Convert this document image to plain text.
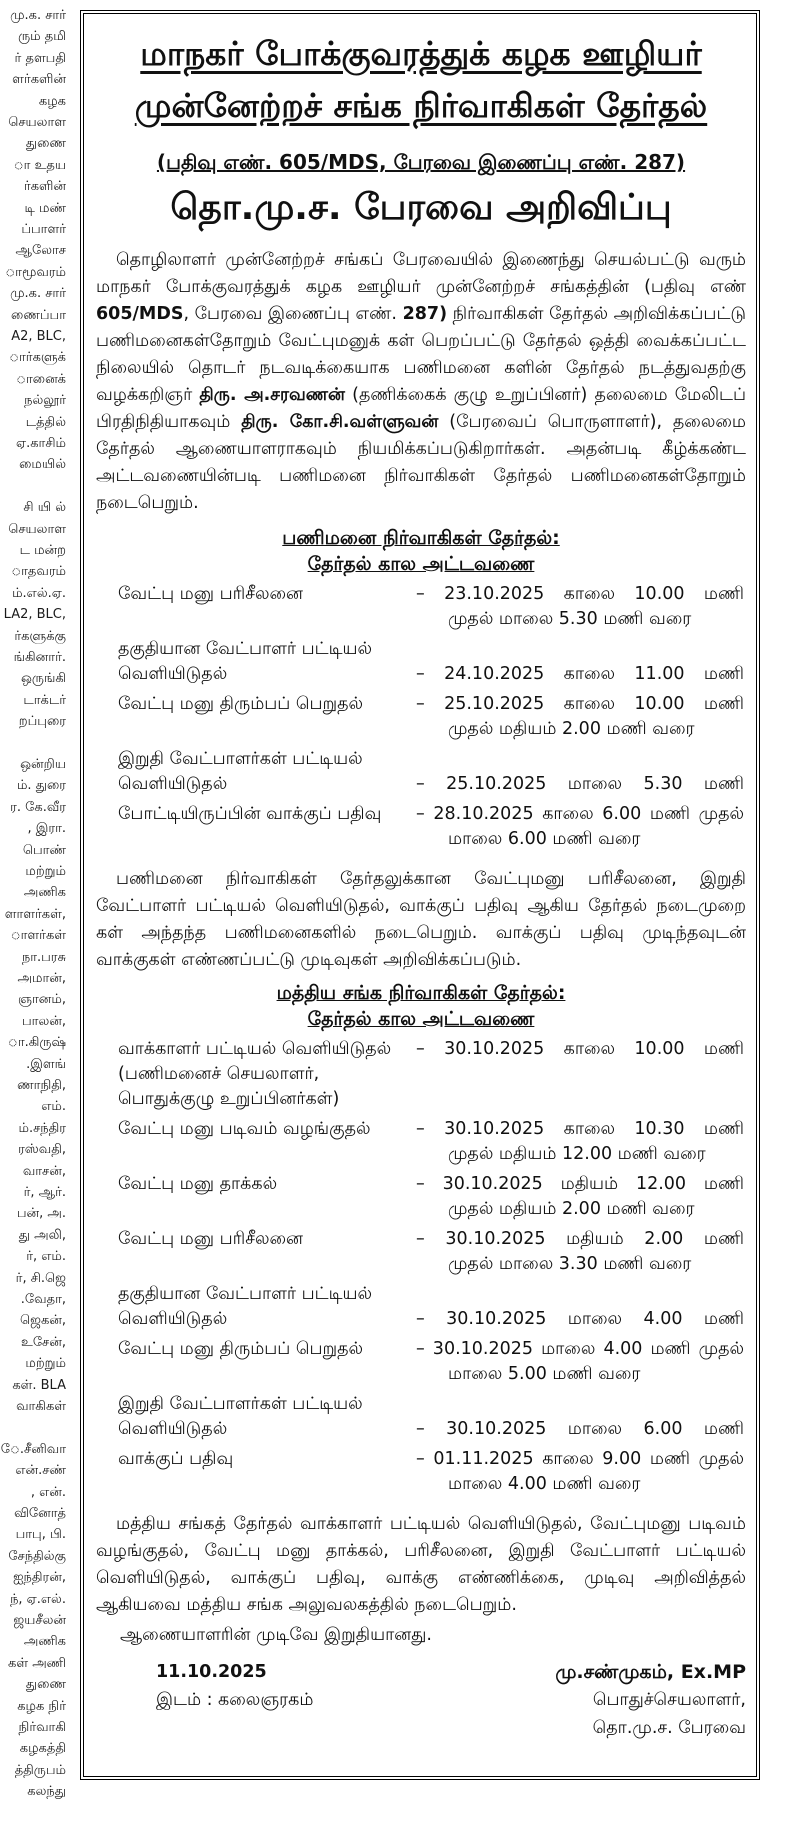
மு.க. சார்
ரும் தமி
ர் தளபதி
ளர்களின்
கழக
செயலாள
துணை
ா உதய
ர்களின்
டி மண்
ப்பாளர்
ஆலோச
ாமூவரம்
மு.க. சார்
ணைப்பா
A2, BLC,
ார்களுக்
ானைக்
நல்லூர்
டத்தில்
ஏ.காசிம்
மையில்
சி யி ல்
செயலாள
ட மன்ற
ாதவரம்
ம்.எல்.ஏ.
LA2, BLC,
ர்களுக்கு
ங்கினார்.
ஒருங்கி
டாக்டர்
றப்புரை
ஒன்றிய
ம். துரை
ர. கே.வீர
, இரா.
பொண்
மற்றும்
அணிக
ளாளர்கள்,
ாளர்கள்
நா.பரசு
அமான்,
ஞானம்,
பாலன்,
ா.கிருஷ்
.இளங்
ணாநிதி,
எம்.
ம்.சந்திர
ரஸ்வதி,
வாசன்,
ர், ஆர்.
பன், அ.
து அலி,
ர், எம்.
ர், சி.ஜெ
.வேதா,
ஜெகன்,
உசேன்,
மற்றும்
கள். BLA
வாகிகள்
ே.சீனிவா
என்.சண்
, என்.
வினோத்
பாபு, பி.
சேந்தில்கு
ஐந்திரன்,
ந், ஏ.எல்.
ஜயசீலன்
அணிக
கள் அணி
துணை
கழக நிர்
நிர்வாகி
கழகத்தி
த்திருபம்
கலந்து
மாநகர் போக்குவரத்துக் கழக ஊழியர்
முன்னேற்றச் சங்க நிர்வாகிகள் தேர்தல்
(பதிவு எண். 605/MDS, பேரவை இணைப்பு எண். 287)
தொ.மு.ச. பேரவை அறிவிப்பு

தொழிலாளர் முன்னேற்றச் சங்கப் பேரவையில் இணைந்து செயல்பட்டு வரும் மாநகர் போக்குவரத்துக் கழக ஊழியர் முன்னேற்றச் சங்கத்தின் (பதிவு எண் 605/MDS, பேரவை இணைப்பு எண். 287) நிர்வாகிகள் தேர்தல் அறிவிக்கப்பட்டு பணிமனைகள்தோறும் வேட்புமனுக் கள் பெறப்பட்டு தேர்தல் ஒத்தி வைக்கப்பட்ட நிலையில் தொடர் நடவடிக்கையாக பணிமனை களின் தேர்தல் நடத்துவதற்கு வழக்கறிஞர் திரு. அ.சரவணன் (தணிக்கைக் குழு உறுப்பினர்) தலைமை மேலிடப் பிரதிநிதியாகவும் திரு. கோ.சி.வள்ளுவன் (பேரவைப் பொருளாளர்), தலைமை தேர்தல் ஆணையாளராகவும் நியமிக்கப்படுகிறார்கள். அதன்படி கீழ்க்கண்ட அட்டவணையின்படி பணிமனை நிர்வாகிகள் தேர்தல் பணிமனைகள்தோறும் நடைபெறும்.

பணிமனை நிர்வாகிகள் தேர்தல்:
தேர்தல் கால அட்டவணை
வேட்பு மனு பரிசீலனை	– 23.10.2025 காலை 10.00 மணி
முதல் மாலை 5.30 மணி வரை
தகுதியான வேட்பாளர் பட்டியல்
வெளியிடுதல்	– 24.10.2025 காலை 11.00 மணி
வேட்பு மனு திரும்பப் பெறுதல்	– 25.10.2025 காலை 10.00 மணி
முதல் மதியம் 2.00 மணி வரை
இறுதி வேட்பாளர்கள் பட்டியல்
வெளியிடுதல்	– 25.10.2025 மாலை 5.30 மணி
போட்டியிருப்பின் வாக்குப் பதிவு	– 28.10.2025 காலை 6.00 மணி முதல்
மாலை 6.00 மணி வரை

பணிமனை நிர்வாகிகள் தேர்தலுக்கான வேட்புமனு பரிசீலனை, இறுதி வேட்பாளர் பட்டியல் வெளியிடுதல், வாக்குப் பதிவு ஆகிய தேர்தல் நடைமுறை கள் அந்தந்த பணிமனைகளில் நடைபெறும். வாக்குப் பதிவு முடிந்தவுடன் வாக்குகள் எண்ணப்பட்டு முடிவுகள் அறிவிக்கப்படும்.

மத்திய சங்க நிர்வாகிகள் தேர்தல்:
தேர்தல் கால அட்டவணை
வாக்காளர் பட்டியல் வெளியிடுதல்
(பணிமனைச் செயலாளர்,
பொதுக்குழு உறுப்பினர்கள்)
– 30.10.2025 காலை 10.00 மணி
வேட்பு மனு படிவம் வழங்குதல்	– 30.10.2025 காலை 10.30 மணி
முதல் மதியம் 12.00 மணி வரை
வேட்பு மனு தாக்கல்	– 30.10.2025 மதியம் 12.00 மணி
முதல் மதியம் 2.00 மணி வரை
வேட்பு மனு பரிசீலனை	– 30.10.2025 மதியம் 2.00 மணி
முதல் மாலை 3.30 மணி வரை
தகுதியான வேட்பாளர் பட்டியல்
வெளியிடுதல்	– 30.10.2025 மாலை 4.00 மணி
வேட்பு மனு திரும்பப் பெறுதல்	– 30.10.2025 மாலை 4.00 மணி முதல்
மாலை 5.00 மணி வரை
இறுதி வேட்பாளர்கள் பட்டியல்
வெளியிடுதல்	– 30.10.2025 மாலை 6.00 மணி
வாக்குப் பதிவு	– 01.11.2025 காலை 9.00 மணி முதல்
மாலை 4.00 மணி வரை

மத்திய சங்கத் தேர்தல் வாக்காளர் பட்டியல் வெளியிடுதல், வேட்புமனு படிவம் வழங்குதல், வேட்பு மனு தாக்கல், பரிசீலனை, இறுதி வேட்பாளர் பட்டியல் வெளியிடுதல், வாக்குப் பதிவு, வாக்கு எண்ணிக்கை, முடிவு அறிவித்தல் ஆகியவை மத்திய சங்க அலுவலகத்தில் நடைபெறும்.

ஆணையாளரின் முடிவே இறுதியானது.
11.10.2025
இடம் : கலைஞரகம்
மு.சண்முகம், Ex.MP
பொதுச்செயலாளர்,
தொ.மு.ச. பேரவை
